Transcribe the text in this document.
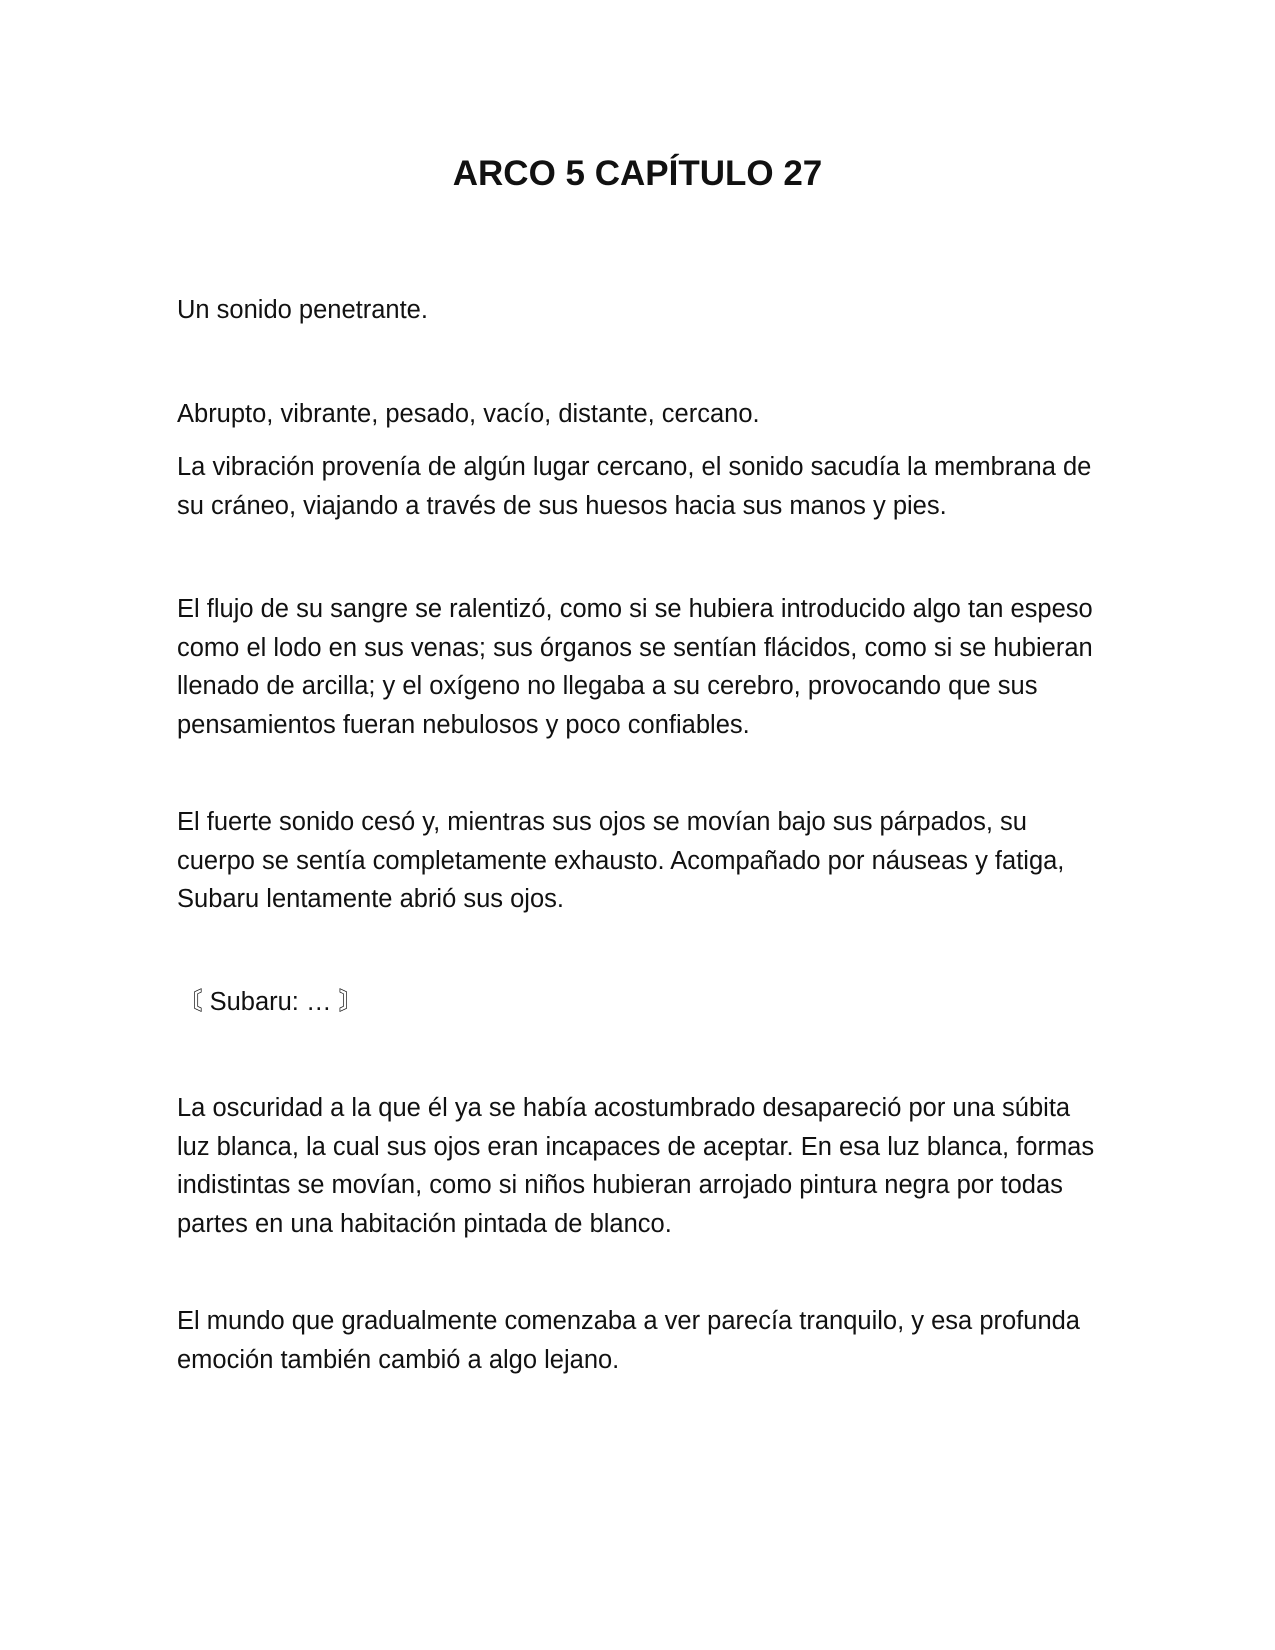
ARCO 5 CAPÍTULO 27

Un sonido penetrante.

Abrupto, vibrante, pesado, vacío, distante, cercano.

La vibración provenía de algún lugar cercano, el sonido sacudía la membrana de su cráneo, viajando a través de sus huesos hacia sus manos y pies.

El flujo de su sangre se ralentizó, como si se hubiera introducido algo tan espeso como el lodo en sus venas; sus órganos se sentían flácidos, como si se hubieran llenado de arcilla; y el oxígeno no llegaba a su cerebro, provocando que sus pensamientos fueran nebulosos y poco confiables.

El fuerte sonido cesó y, mientras sus ojos se movían bajo sus párpados, su cuerpo se sentía completamente exhausto. Acompañado por náuseas y fatiga, Subaru lentamente abrió sus ojos.

〘 Subaru: … 〙

La oscuridad a la que él ya se había acostumbrado desapareció por una súbita luz blanca, la cual sus ojos eran incapaces de aceptar. En esa luz blanca, formas indistintas se movían, como si niños hubieran arrojado pintura negra por todas partes en una habitación pintada de blanco.

El mundo que gradualmente comenzaba a ver parecía tranquilo, y esa profunda emoción también cambió a algo lejano.
